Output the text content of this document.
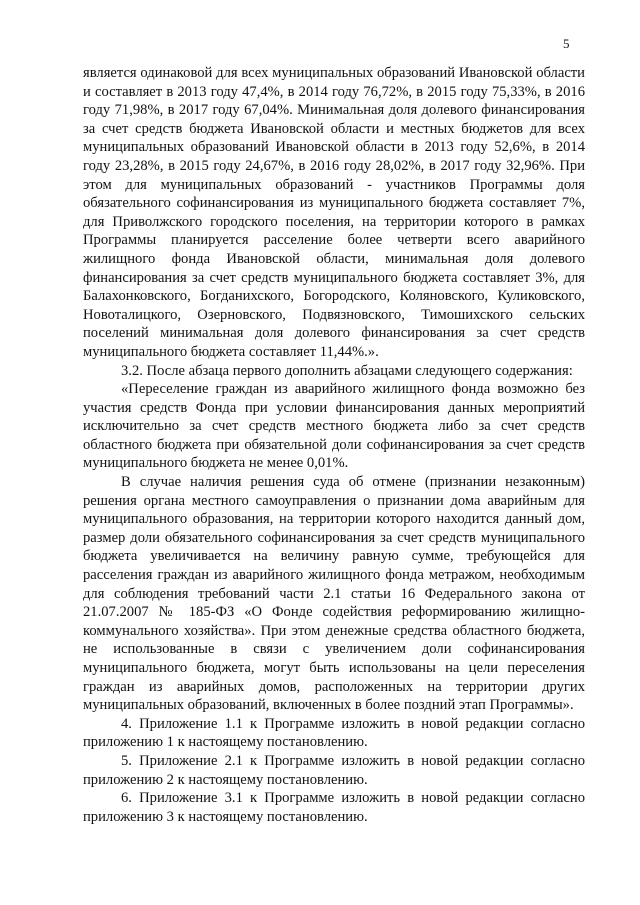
5

является одинаковой для всех муниципальных образований Ивановской области и составляет в 2013 году 47,4%, в 2014 году 76,72%, в 2015 году 75,33%, в 2016 году 71,98%, в 2017 году 67,04%. Минимальная доля долевого финансирования за счет средств бюджета Ивановской области и местных бюджетов для всех муниципальных образований Ивановской области в 2013 году 52,6%, в 2014 году 23,28%, в 2015 году 24,67%, в 2016 году 28,02%, в 2017 году 32,96%. При этом для муниципальных образований - участников Программы доля обязательного софинансирования из муниципального бюджета составляет 7%, для Приволжского городского поселения, на территории которого в рамках Программы планируется расселение более четверти всего аварийного жилищного фонда Ивановской области, минимальная доля долевого финансирования за счет средств муниципального бюджета составляет 3%, для Балахонковского, Богданихского, Богородского, Коляновского, Куликовского, Новоталицкого, Озерновского, Подвязновского, Тимошихского сельских поселений минимальная доля долевого финансирования за счет средств муниципального бюджета составляет 11,44%.».

3.2. После абзаца первого дополнить абзацами следующего содержания:

«Переселение граждан из аварийного жилищного фонда возможно без участия средств Фонда при условии финансирования данных мероприятий исключительно за счет средств местного бюджета либо за счет средств областного бюджета при обязательной доли софинансирования за счет средств муниципального бюджета не менее 0,01%.

В случае наличия решения суда об отмене (признании незаконным) решения органа местного самоуправления о признании дома аварийным для муниципального образования, на территории которого находится данный дом, размер доли обязательного софинансирования за счет средств муниципального бюджета увеличивается на величину равную сумме, требующейся для расселения граждан из аварийного жилищного фонда метражом, необходимым для соблюдения требований части 2.1 статьи 16 Федерального закона от 21.07.2007 № 185-ФЗ «О Фонде содействия реформированию жилищно-коммунального хозяйства». При этом денежные средства областного бюджета, не использованные в связи с увеличением доли софинансирования муниципального бюджета, могут быть использованы на цели переселения граждан из аварийных домов, расположенных на территории других муниципальных образований, включенных в более поздний этап Программы».

4. Приложение 1.1 к Программе изложить в новой редакции согласно приложению 1 к настоящему постановлению.

5. Приложение 2.1 к Программе изложить в новой редакции согласно приложению 2 к настоящему постановлению.

6. Приложение 3.1 к Программе изложить в новой редакции согласно приложению 3 к настоящему постановлению.
